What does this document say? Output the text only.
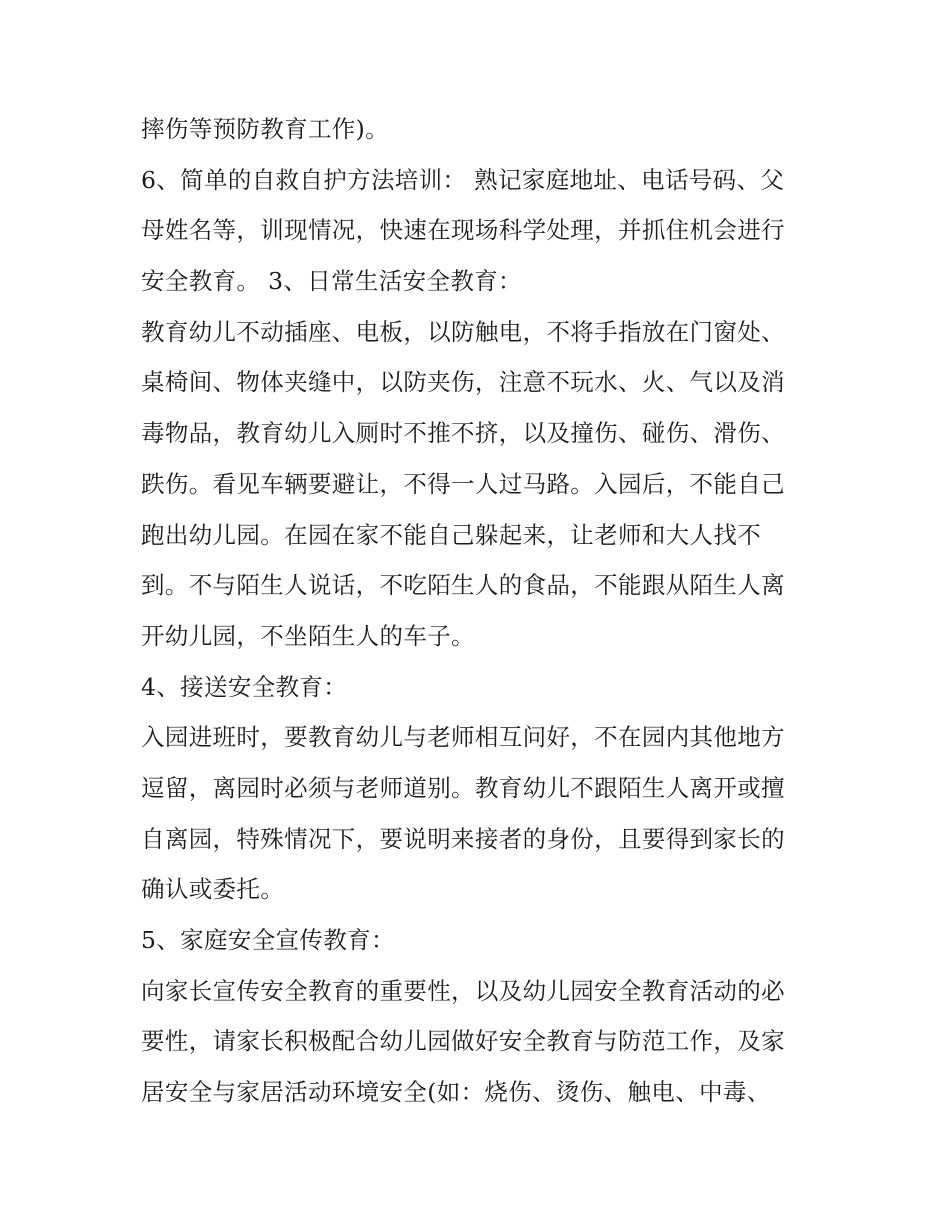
摔伤等预防教育工作)。
6、简单的自救自护方法培训： 熟记家庭地址、电话号码、父
母姓名等，训现情况，快速在现场科学处理，并抓住机会进行
安全教育。 3、日常生活安全教育：
教育幼儿不动插座、电板，以防触电，不将手指放在门窗处、
桌椅间、物体夹缝中，以防夹伤，注意不玩水、火、气以及消
毒物品，教育幼儿入厕时不推不挤，以及撞伤、碰伤、滑伤、
跌伤。看见车辆要避让，不得一人过马路。入园后，不能自己
跑出幼儿园。在园在家不能自己躲起来，让老师和大人找不
到。不与陌生人说话，不吃陌生人的食品，不能跟从陌生人离
开幼儿园，不坐陌生人的车子。
4、接送安全教育：
入园进班时，要教育幼儿与老师相互问好，不在园内其他地方
逗留，离园时必须与老师道别。教育幼儿不跟陌生人离开或擅
自离园，特殊情况下，要说明来接者的身份，且要得到家长的
确认或委托。
5、家庭安全宣传教育：
向家长宣传安全教育的重要性，以及幼儿园安全教育活动的必
要性，请家长积极配合幼儿园做好安全教育与防范工作，及家
居安全与家居活动环境安全(如：烧伤、烫伤、触电、中毒、
